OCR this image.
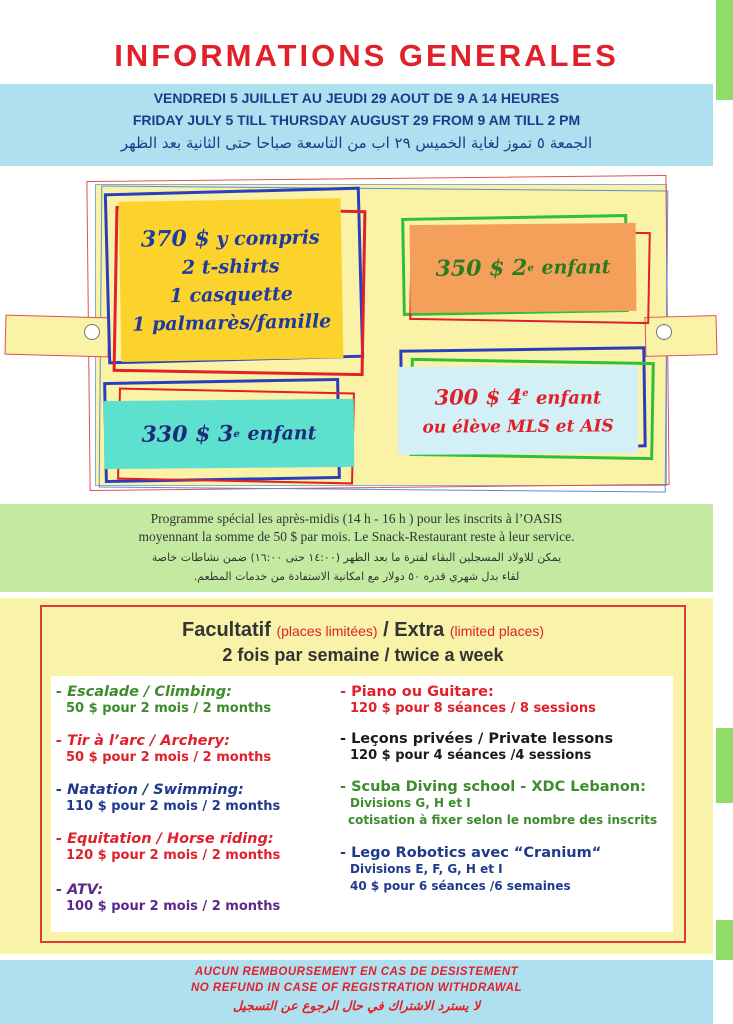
INFORMATIONS GENERALES
VENDREDI 5 JUILLET AU JEUDI 29 AOUT DE 9 A 14 HEURES
FRIDAY JULY 5 TILL THURSDAY AUGUST 29 FROM 9 AM TILL 2 PM
الجمعة ٥ تموز لغاية الخميس ٢٩ اب من التاسعة صباحا حتى الثانية بعد الظهر
370 $ y compris
2 t-shirts
1 casquette
1 palmarès/famille
350 $
2 e
enfant
330 $
3 e
enfant
300 $ 4e enfant
ou élève MLS et AIS
Programme spécial les après-midis (14 h - 16 h ) pour les inscrits à l’OASIS
moyennant la somme de 50 $ par mois. Le Snack-Restaurant reste à leur service.
يمكن للاولاد المسجلين البقاء لفترة ما بعد الظهر (١٤:٠٠ حتى ١٦:٠٠) ضمن نشاطات خاصة
لقاء بدل شهري قدره ٥٠ دولار مع امكانية الاستفادة من خدمات المطعم.
Facultatif (places limitées) / Extra (limited places)
2 fois par semaine / twice a week
- Escalade / Climbing:
50 $ pour 2 mois / 2 months
- Tir à l’arc / Archery:
50 $ pour 2 mois / 2 months
- Natation / Swimming:
110 $ pour 2 mois / 2 months
- Equitation / Horse riding:
120 $ pour 2 mois / 2 months
- ATV:
100 $ pour 2 mois / 2 months
- Piano ou Guitare:
120 $ pour 8 séances / 8 sessions
- Leçons privées / Private lessons
120 $ pour 4 séances /4 sessions
- Scuba Diving school - XDC Lebanon:
Divisions G, H et I
cotisation à fixer selon le nombre des inscrits
- Lego Robotics avec “Cranium“
Divisions E, F, G, H et I
40 $ pour 6 séances /6 semaines
AUCUN REMBOURSEMENT EN CAS DE DESISTEMENT
NO REFUND IN CASE OF REGISTRATION WITHDRAWAL
لا يسترد الاشتراك في حال الرجوع عن التسجيل
